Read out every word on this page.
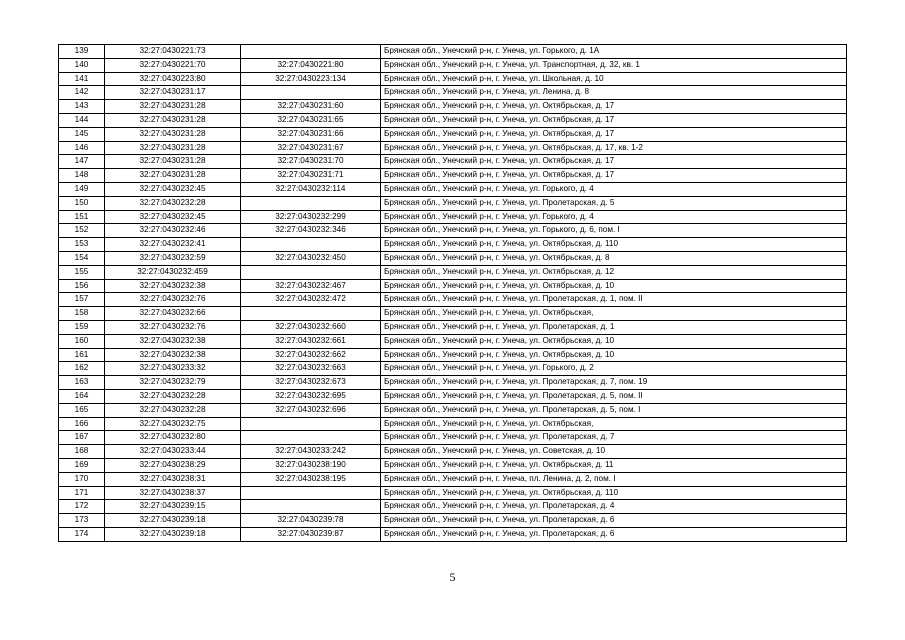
139	32:27:0430221:73		Брянская обл., Унечский р-н, г. Унеча, ул. Горького, д. 1А
140	32:27:0430221:70	32:27:0430221:80	Брянская обл., Унечский р-н, г. Унеча, ул. Транспортная, д. 32, кв. 1
141	32:27:0430223:80	32:27:0430223:134	Брянская обл., Унечский р-н, г. Унеча, ул. Школьная, д. 10
142	32:27:0430231:17		Брянская обл., Унечский р-н, г. Унеча, ул. Ленина, д. 8
143	32:27:0430231:28	32:27:0430231:60	Брянская обл., Унечский р-н, г. Унеча, ул. Октябрьская, д. 17
144	32:27:0430231:28	32:27:0430231:65	Брянская обл., Унечский р-н, г. Унеча, ул. Октябрьская, д. 17
145	32:27:0430231:28	32:27:0430231:66	Брянская обл., Унечский р-н, г. Унеча, ул. Октябрьская, д. 17
146	32:27:0430231:28	32:27:0430231:67	Брянская обл., Унечский р-н, г. Унеча, ул. Октябрьская, д. 17, кв. 1-2
147	32:27:0430231:28	32:27:0430231:70	Брянская обл., Унечский р-н, г. Унеча, ул. Октябрьская, д. 17
148	32:27:0430231:28	32:27:0430231:71	Брянская обл., Унечский р-н, г. Унеча, ул. Октябрьская, д. 17
149	32:27:0430232:45	32:27:0430232:114	Брянская обл., Унечский р-н, г. Унеча, ул. Горького, д. 4
150	32:27:0430232:28		Брянская обл., Унечский р-н, г. Унеча, ул. Пролетарская, д. 5
151	32:27:0430232:45	32:27:0430232:299	Брянская обл., Унечский р-н, г. Унеча, ул. Горького, д. 4
152	32:27:0430232:46	32:27:0430232:346	Брянская обл., Унечский р-н, г. Унеча, ул. Горького, д. 6, пом. I
153	32:27:0430232:41		Брянская обл., Унечский р-н, г. Унеча, ул. Октябрьская, д. 110
154	32:27:0430232:59	32:27:0430232:450	Брянская обл., Унечский р-н, г. Унеча, ул. Октябрьская, д. 8
155	32:27:0430232:459		Брянская обл., Унечский р-н, г. Унеча, ул. Октябрьская, д. 12
156	32:27:0430232:38	32:27:0430232:467	Брянская обл., Унечский р-н, г. Унеча, ул. Октябрьская, д. 10
157	32:27:0430232:76	32:27:0430232:472	Брянская обл., Унечский р-н, г. Унеча, ул. Пролетарская, д. 1, пом. II
158	32:27:0430232:66		Брянская обл., Унечский р-н, г. Унеча, ул. Октябрьская,
159	32:27:0430232:76	32:27:0430232:660	Брянская обл., Унечский р-н, г. Унеча, ул. Пролетарская, д. 1
160	32:27:0430232:38	32:27:0430232:661	Брянская обл., Унечский р-н, г. Унеча, ул. Октябрьская, д. 10
161	32:27:0430232:38	32:27:0430232:662	Брянская обл., Унечский р-н, г. Унеча, ул. Октябрьская, д. 10
162	32:27:0430233:32	32:27:0430232:663	Брянская обл., Унечский р-н, г. Унеча, ул. Горького, д. 2
163	32:27:0430232:79	32:27:0430232:673	Брянская обл., Унечский р-н, г. Унеча, ул. Пролетарская, д. 7, пом. 19
164	32:27:0430232:28	32:27:0430232:695	Брянская обл., Унечский р-н, г. Унеча, ул. Пролетарская, д. 5, пом. II
165	32:27:0430232:28	32:27:0430232:696	Брянская обл., Унечский р-н, г. Унеча, ул. Пролетарская, д. 5, пом. I
166	32:27:0430232:75		Брянская обл., Унечский р-н, г. Унеча, ул. Октябрьская,
167	32:27:0430232:80		Брянская обл., Унечский р-н, г. Унеча, ул. Пролетарская, д. 7
168	32:27:0430233:44	32:27:0430233:242	Брянская обл., Унечский р-н, г. Унеча, ул. Советская, д. 10
169	32:27:0430238:29	32:27:0430238:190	Брянская обл., Унечский р-н, г. Унеча, ул. Октябрьская, д. 11
170	32:27:0430238:31	32:27:0430238:195	Брянская обл., Унечский р-н, г. Унеча, пл. Ленина, д. 2, пом. I
171	32:27:0430238:37		Брянская обл., Унечский р-н, г. Унеча, ул. Октябрьская, д. 110
172	32:27:0430239:15		Брянская обл., Унечский р-н, г. Унеча, ул. Пролетарская, д. 4
173	32:27:0430239:18	32:27:0430239:78	Брянская обл., Унечский р-н, г. Унеча, ул. Пролетарская, д. 6
174	32:27:0430239:18	32:27:0430239:87	Брянская обл., Унечский р-н, г. Унеча, ул. Пролетарская, д. 6
5
